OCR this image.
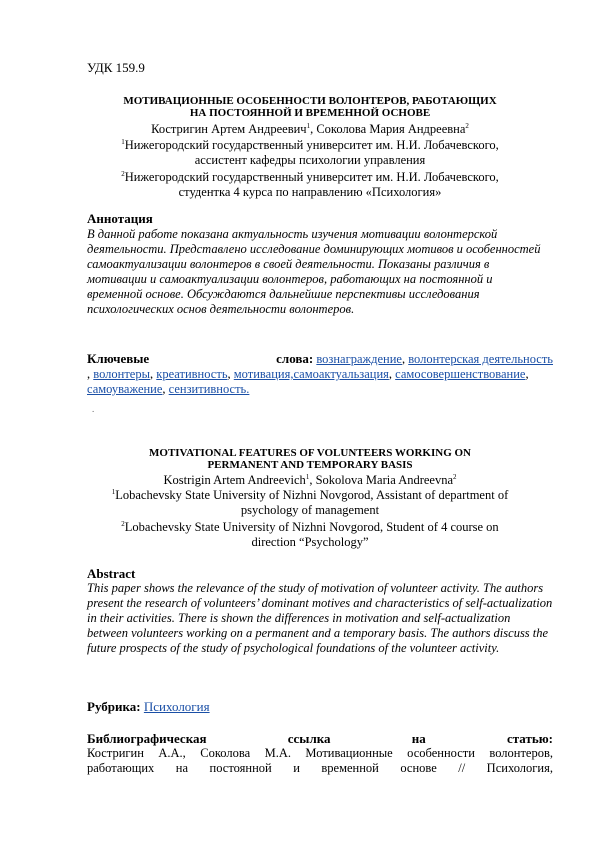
УДК 159.9
МОТИВАЦИОННЫЕ ОСОБЕННОСТИ ВОЛОНТЕРОВ, РАБОТАЮЩИХ
НА ПОСТОЯННОЙ И ВРЕМЕННОЙ ОСНОВЕ
Костригин Артем Андреевич$^1$, Соколова Мария Андреевна$^2$
$^1$Нижегородский государственный университет им. Н.И. Лобачевского,
ассистент кафедры психологии управления
$^2$Нижегородский государственный университет им. Н.И. Лобачевского,
студентка 4 курса по направлению «Психология»
Аннотация
В данной работе показана актуальность изучения мотивации волонтерской деятельности. Представлено исследование доминирующих мотивов и особенностей самоактуализации волонтеров в своей деятельности. Показаны различия в мотивации и самоактуализации волонтеров, работающих на постоянной и временной основе. Обсуждаются дальнейшие перспективы исследования психологических основ деятельности волонтеров.
Ключевые	слова: вознаграждение, волонтерская деятельность
, волонтеры, креативность, мотивация,самоактуальзация, самосовершенствование, самоуважение, сензитивность.
.
MOTIVATIONAL FEATURES OF VOLUNTEERS WORKING ON
PERMANENT AND TEMPORARY BASIS
Kostrigin Artem Andreevich$^1$, Sokolova Maria Andreevna$^2$
$^1$Lobachevsky State University of Nizhni Novgorod, Assistant of department of
psychology of management
$^2$Lobachevsky State University of Nizhni Novgorod, Student of 4 course on
direction “Psychology”
Abstract
This paper shows the relevance of the study of motivation of volunteer activity. The authors present the research of volunteers’ dominant motives and characteristics of self-actualization in their activities. There is shown the differences in motivation and self-actualization between volunteers working on a permanent and a temporary basis. The authors discuss the future prospects of the study of psychological foundations of the volunteer activity.
Рубрика: Психология
Библиографическая	ссылка	на	статью:
Костригин А.А., Соколова М.А. Мотивационные особенности волонтеров,
работающих на постоянной и временной основе // Психология,
